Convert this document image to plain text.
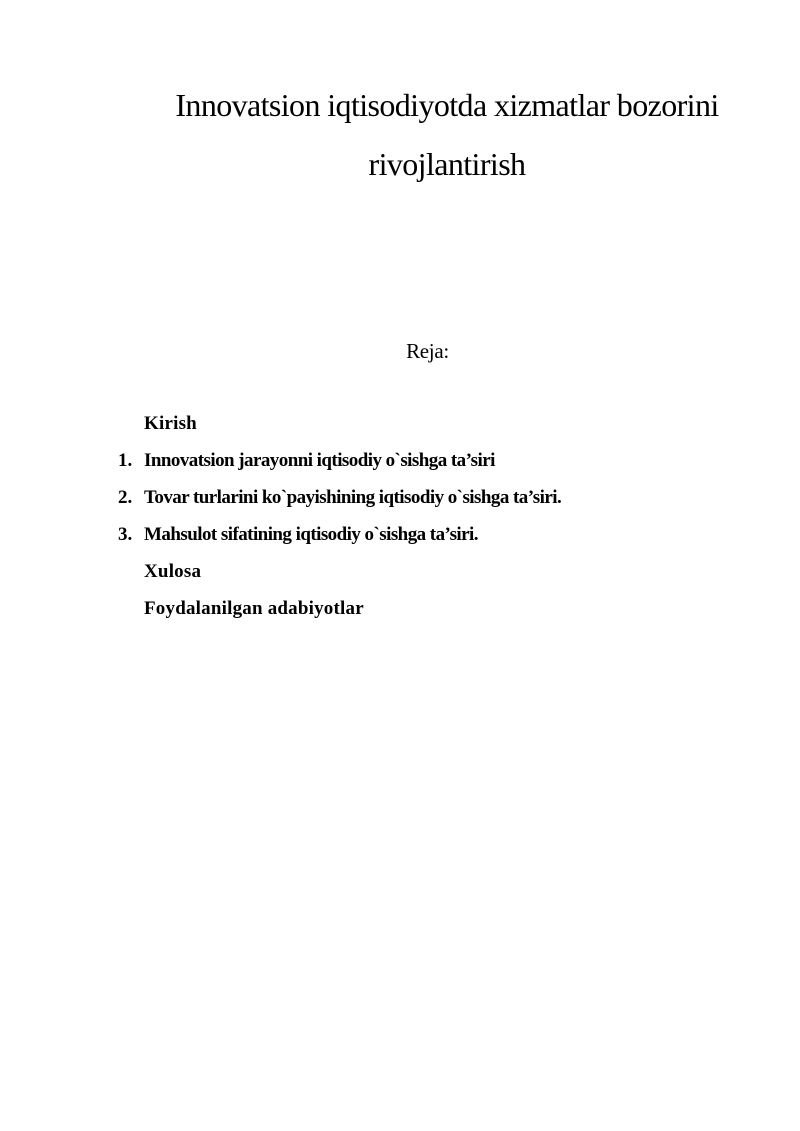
Innovatsion iqtisodiyotda xizmatlar bozorini
rivojlantirish
Reja:
Kirish
1. Innovatsion jarayonni iqtisodiy o`sishga ta’siri
2. Tovar turlarini ko`payishining iqtisodiy o`sishga ta’siri.
3. Mahsulot sifatining iqtisodiy o`sishga ta’siri.
Xulosa
Foydalanilgan adabiyotlar
